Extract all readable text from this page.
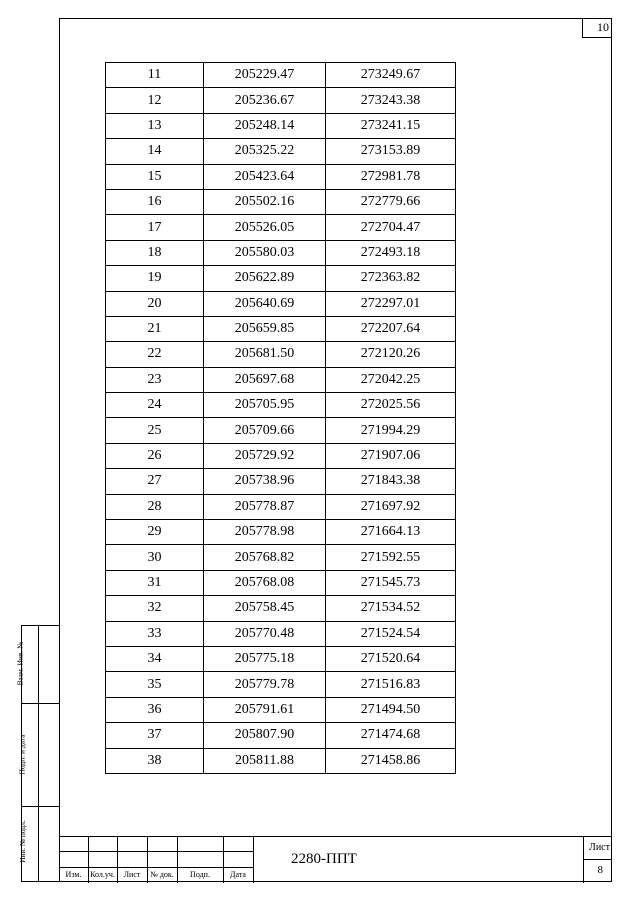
10
11	205229.47	273249.67
12	205236.67	273243.38
13	205248.14	273241.15
14	205325.22	273153.89
15	205423.64	272981.78
16	205502.16	272779.66
17	205526.05	272704.47
18	205580.03	272493.18
19	205622.89	272363.82
20	205640.69	272297.01
21	205659.85	272207.64
22	205681.50	272120.26
23	205697.68	272042.25
24	205705.95	272025.56
25	205709.66	271994.29
26	205729.92	271907.06
27	205738.96	271843.38
28	205778.87	271697.92
29	205778.98	271664.13
30	205768.82	271592.55
31	205768.08	271545.73
32	205758.45	271534.52
33	205770.48	271524.54
34	205775.18	271520.64
35	205779.78	271516.83
36	205791.61	271494.50
37	205807.90	271474.68
38	205811.88	271458.86
Взам. Инв. №
Подп. и дата
Инв. № подл.
Изм.	Кол.уч.	Лист	№ док.	Подп.	Дата
2280-ППТ
Лист
8
